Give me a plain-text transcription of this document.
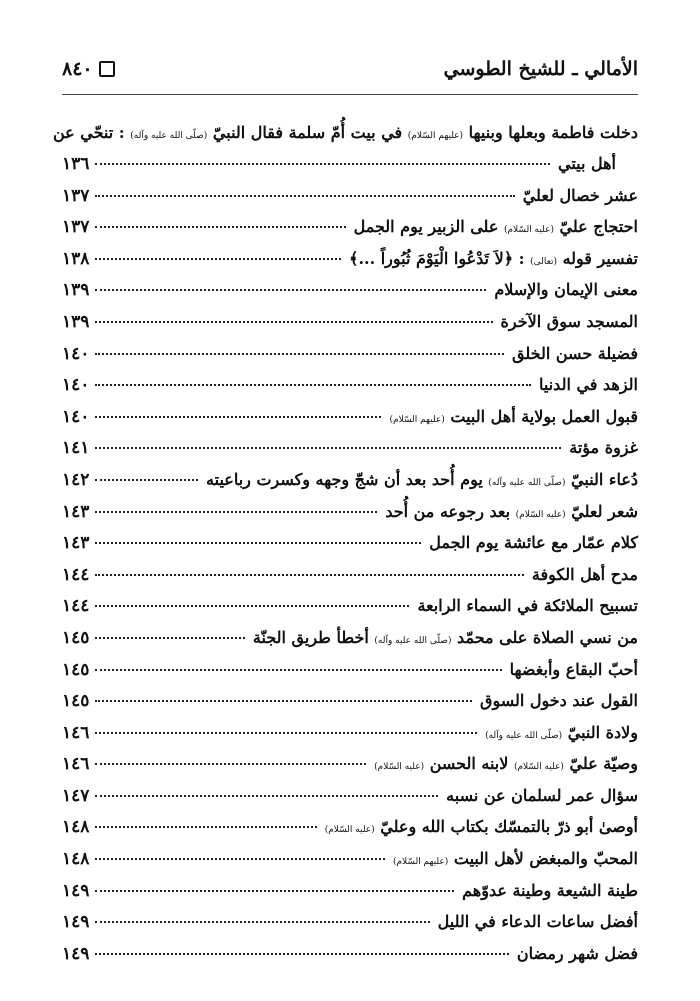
الأمالي ـ للشيخ الطوسي
٨٤٠
دخلت فاطمة وبعلها وبنيها (عليهم السّلام) في بيت أُمّ سلمة فقال النبيّ (صلّى الله عليه وآله) : تنحّي عن
أهل بيتي
١٣٦
عشر خصال لعليّ
١٣٧
احتجاج عليّ (عليه السّلام) على الزبير يوم الجمل
١٣٧
تفسير قوله (تعالى) : ﴿لاَ تَدْعُوا الْيَوْمَ ثُبُوراً ...﴾
١٣٨
معنى الإيمان والإسلام
١٣٩
المسجد سوق الآخرة
١٣٩
فضيلة حسن الخلق
١٤٠
الزهد في الدنيا
١٤٠
قبول العمل بولاية أهل البيت (عليهم السّلام)
١٤٠
غزوة مؤتة
١٤١
دُعاء النبيّ (صلّى الله عليه وآله) يوم أُحد بعد أن شجّ وجهه وكسرت رباعيته
١٤٢
شعر لعليّ (عليه السّلام) بعد رجوعه من أُحد
١٤٣
كلام عمّار مع عائشة يوم الجمل
١٤٣
مدح أهل الكوفة
١٤٤
تسبيح الملائكة في السماء الرابعة
١٤٤
من نسي الصلاة على محمّد (صلّى الله عليه وآله) أخطأ طريق الجنّة
١٤٥
أحبّ البقاع وأبغضها
١٤٥
القول عند دخول السوق
١٤٥
ولادة النبيّ (صلّى الله عليه وآله)
١٤٦
وصيّة عليّ (عليه السّلام) لابنه الحسن (عليه السّلام)
١٤٦
سؤال عمر لسلمان عن نسبه
١٤٧
أوصىٰ أبو ذرّ بالتمسّك بكتاب الله وعليّ (عليه السّلام)
١٤٨
المحبّ والمبغض لأهل البيت (عليهم السّلام)
١٤٨
طينة الشيعة وطينة عدوّهم
١٤٩
أفضل ساعات الدعاء في الليل
١٤٩
فضل شهر رمضان
١٤٩
